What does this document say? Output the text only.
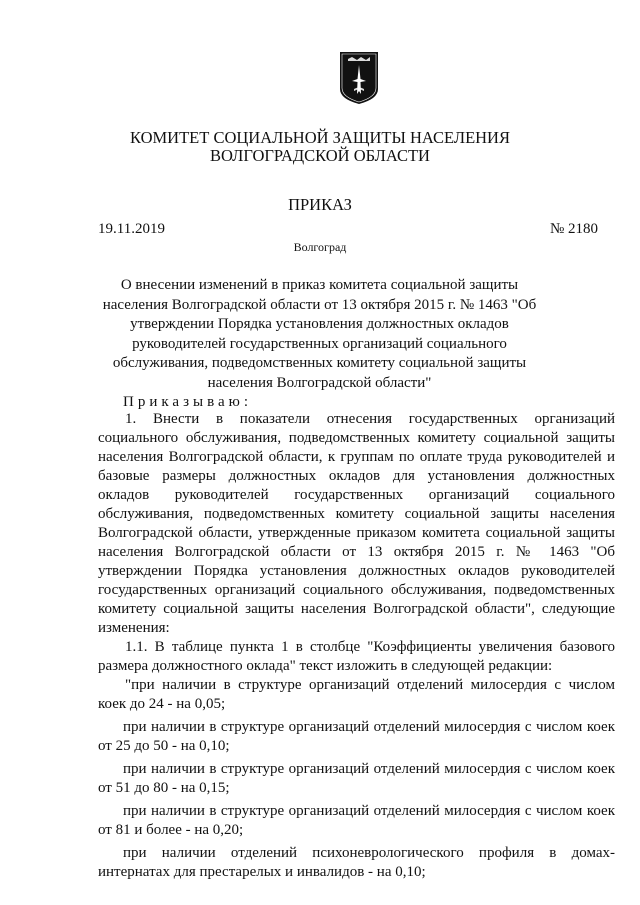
КОМИТЕТ СОЦИАЛЬНОЙ ЗАЩИТЫ НАСЕЛЕНИЯ
ВОЛГОГРАДСКОЙ ОБЛАСТИ
ПРИКАЗ
19.11.2019	№ 2180
Волгоград
О внесении изменений в приказ комитета социальной защиты населения Волгоградской области от 13 октября 2015 г. № 1463 "Об утверждении Порядка установления должностных окладов руководителей государственных организаций социального обслуживания, подведомственных комитету социальной защиты населения Волгоградской области"
Приказываю:

1. Внести в показатели отнесения государственных организаций социального обслуживания, подведомственных комитету социальной защиты населения Волгоградской области, к группам по оплате труда руководителей и базовые размеры должностных окладов для установления должностных окладов руководителей государственных организаций социального обслуживания, подведомственных комитету социальной защиты населения Волгоградской области, утвержденные приказом комитета социальной защиты населения Волгоградской области от 13 октября 2015 г. № 1463 "Об утверждении Порядка установления должностных окладов руководителей государственных организаций социального обслуживания, подведомственных комитету социальной защиты населения Волгоградской области", следующие изменения:

1.1. В таблице пункта 1 в столбце "Коэффициенты увеличения базового размера должностного оклада" текст изложить в следующей редакции:

"при наличии в структуре организаций отделений милосердия с числом коек до 24 - на 0,05;

при наличии в структуре организаций отделений милосердия с числом коек от 25 до 50 - на 0,10;

при наличии в структуре организаций отделений милосердия с числом коек от 51 до 80 - на 0,15;

при наличии в структуре организаций отделений милосердия с числом коек от 81 и более - на 0,20;

при наличии отделений психоневрологического профиля в домах-интернатах для престарелых и инвалидов - на 0,10;
